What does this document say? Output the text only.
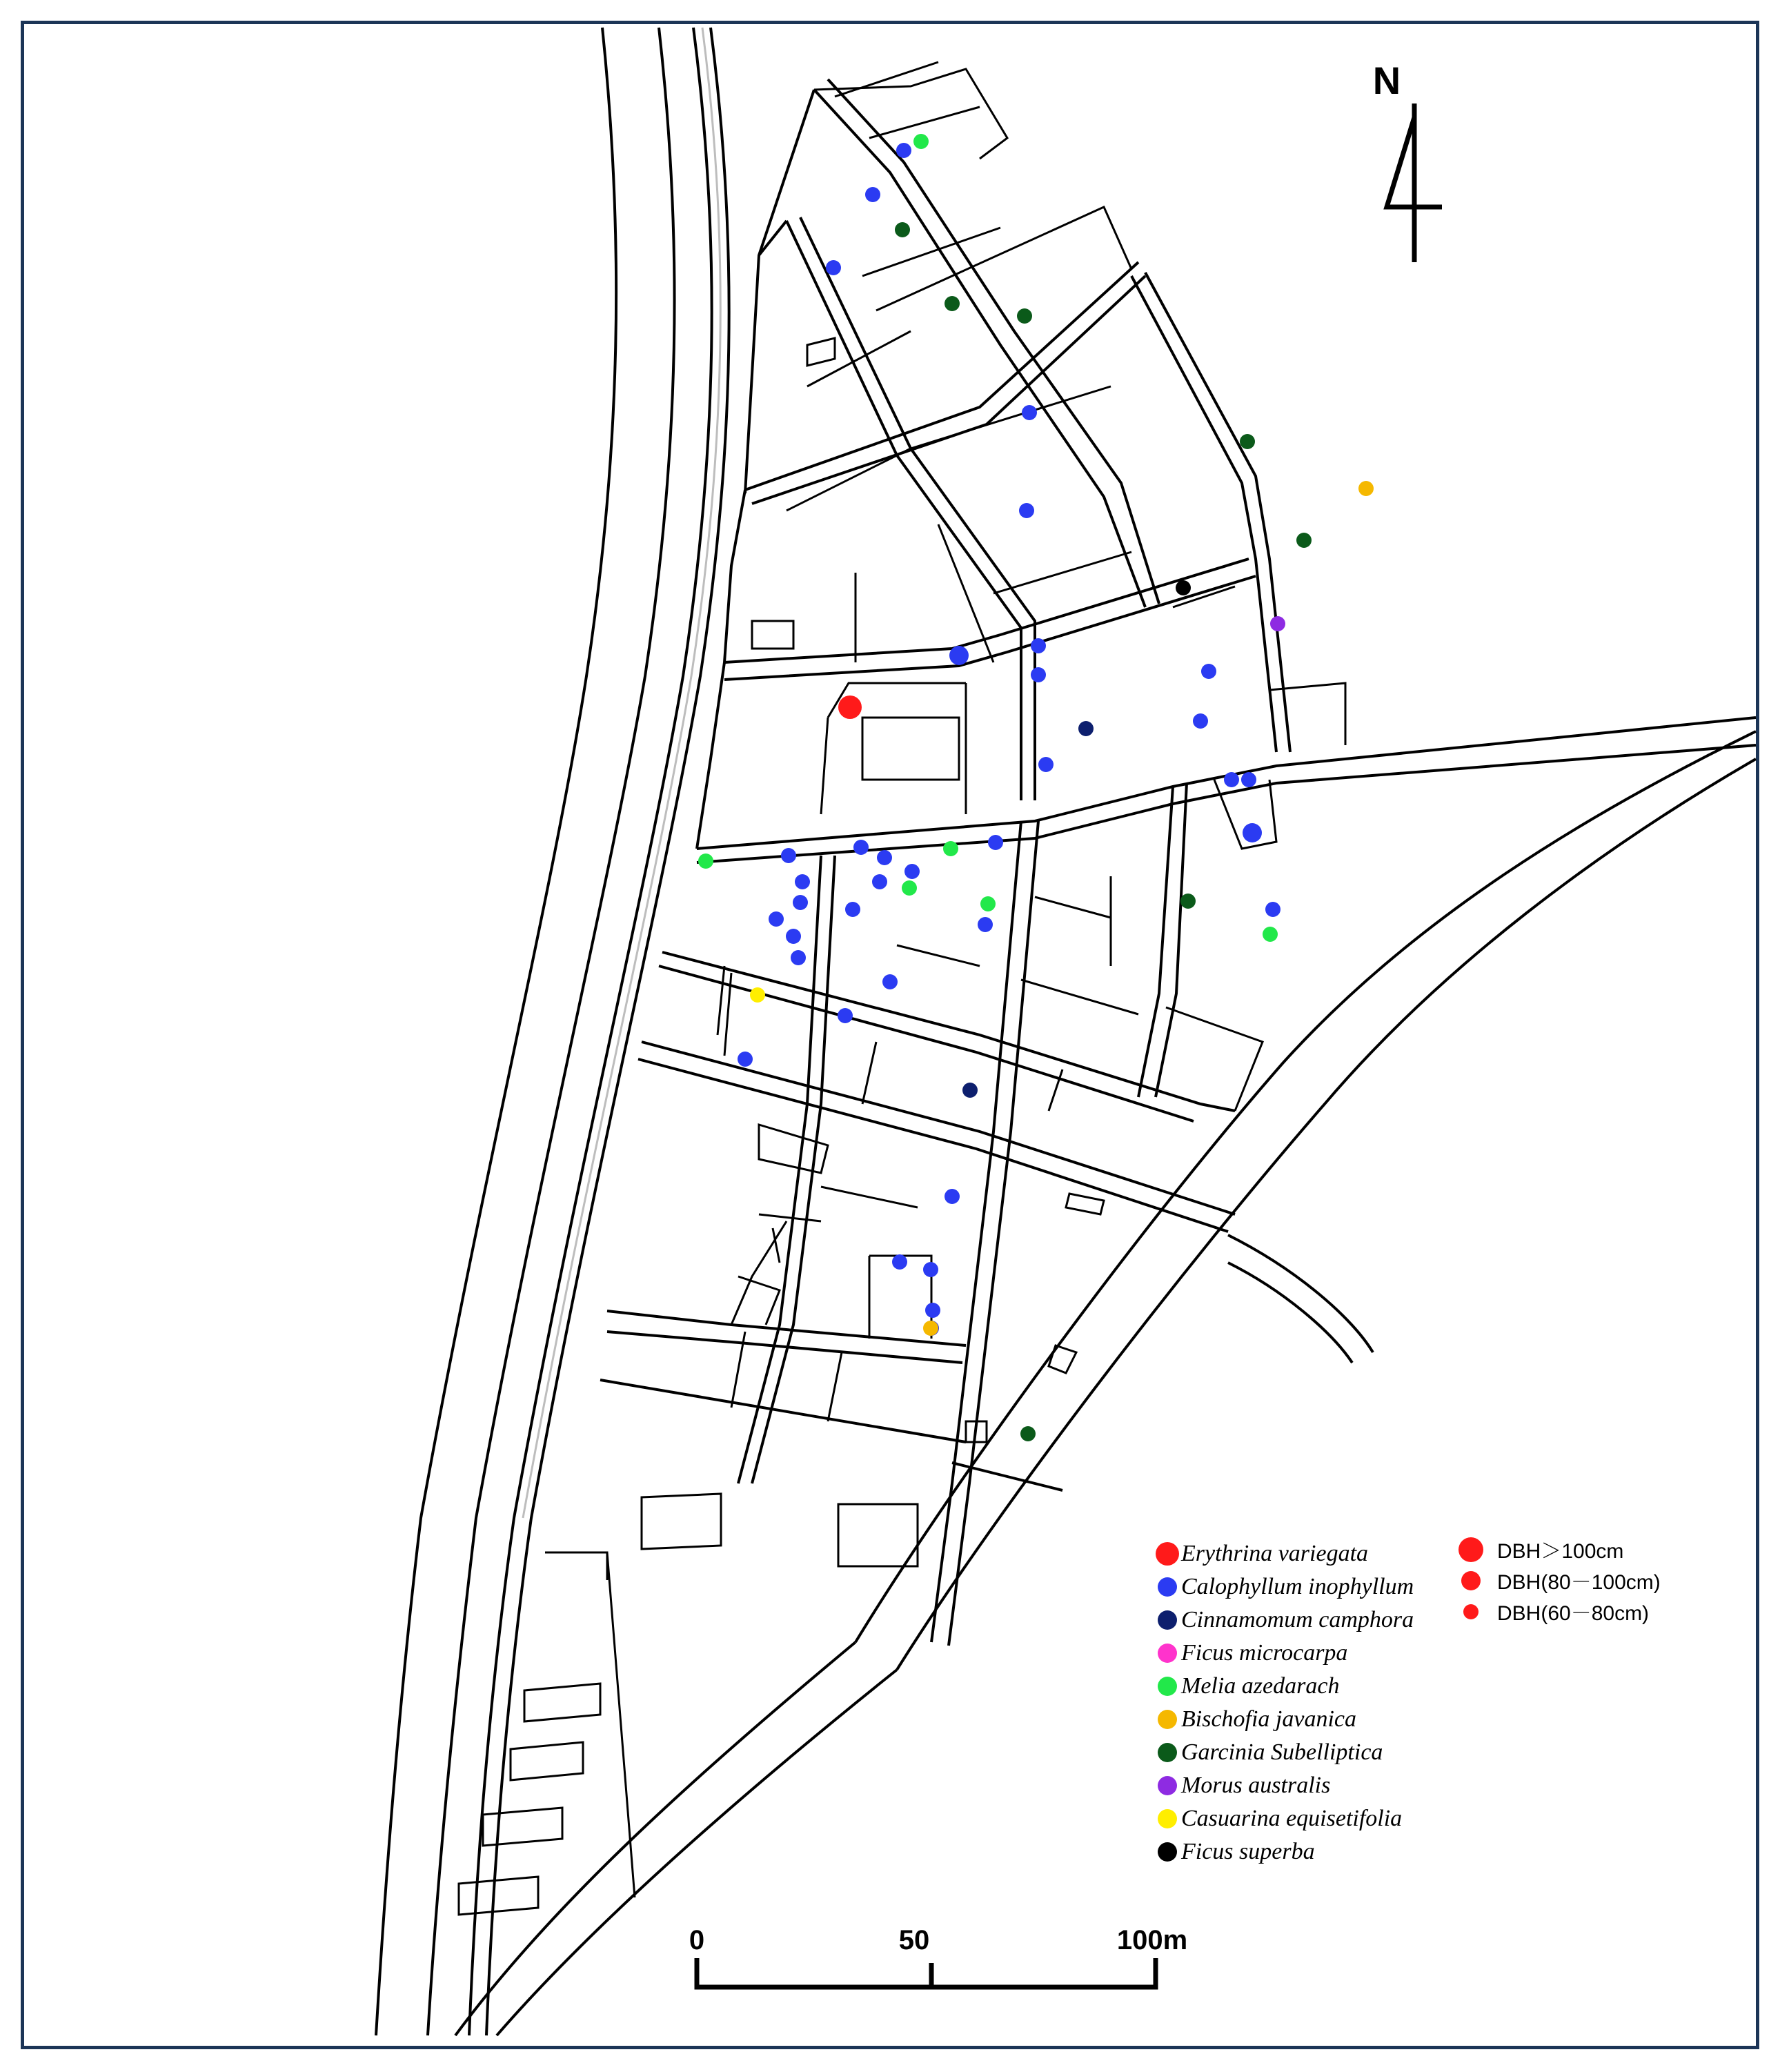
N
0	50	100m
Erythrina variegata
Calophyllum inophyllum
Cinnamomum camphora
Ficus microcarpa
Melia azedarach
Bischofia javanica
Garcinia Subelliptica
Morus australis
Casuarina equisetifolia
Ficus superba
DBH＞100cm
DBH(80－100cm)
DBH(60－80cm)
